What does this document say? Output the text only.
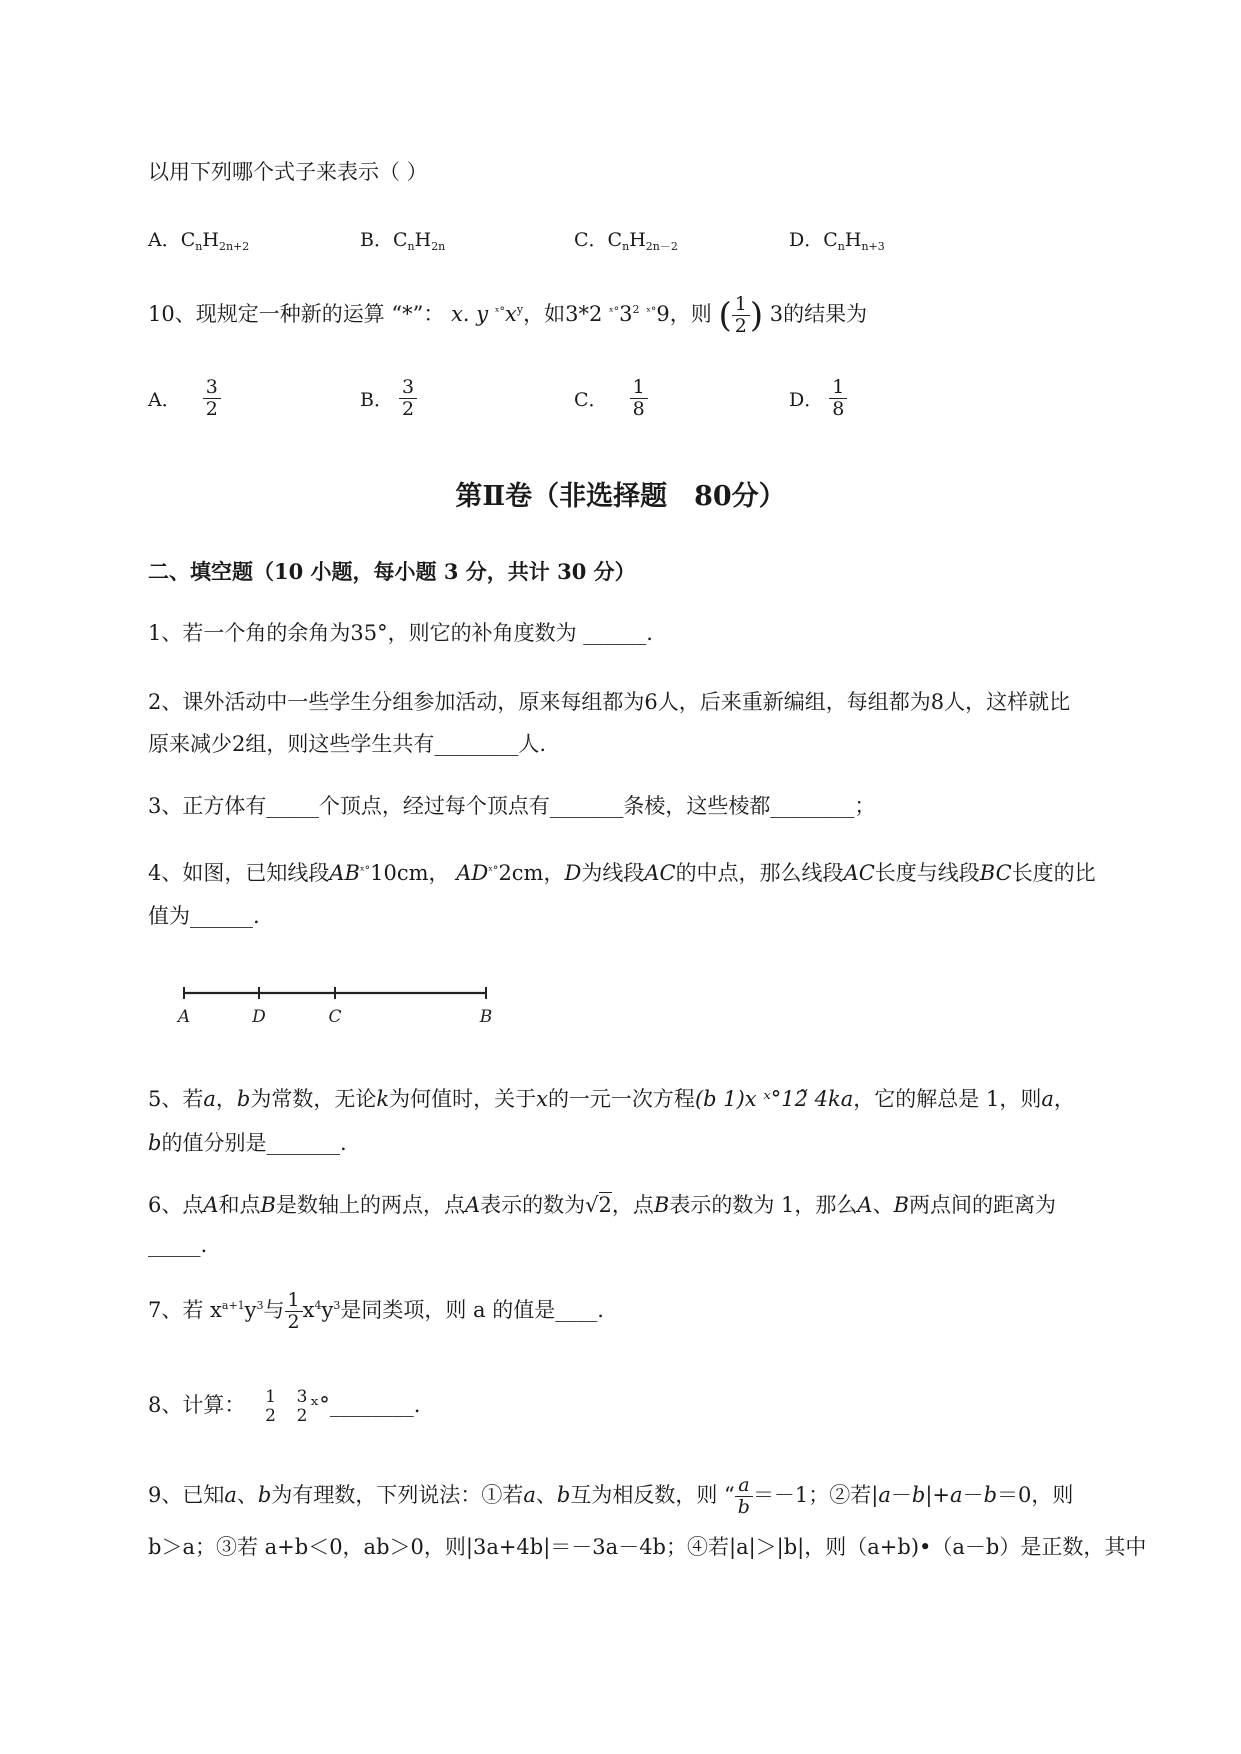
以用下列哪个式子来表示（ ）
A．$C_nH_{2n+2}$	B．$C_nH_{2n}$	C．$C_nH_{2n-2}$	D．$C_nH_{n+3}$
10、现规定一种新的运算 “*”： x. y $^{ˣ^\circ}x^y$，如3*2 $^{ˣ^\circ}3^2$ $^{ˣ^\circ}$9，则 ( $\frac{1}{2}$ ) 3的结果为
A． $\frac{3}{2}$	B． $\frac{3}{2}$	C． $\frac{1}{8}$	D． $\frac{1}{8}$
第Ⅱ卷（非选择题　80分）
二、填空题（10 小题，每小题 3 分，共计 30 分）
1、若一个角的余角为35°，则它的补角度数为 ______.
2、课外活动中一些学生分组参加活动，原来每组都为6人，后来重新编组，每组都为8人，这样就比
原来减少2组，则这些学生共有________人.
3、正方体有_____个顶点，经过每个顶点有_______条棱，这些棱都________；
4、如图，已知线段$AB^{ˣ^\circ}10cm$， $AD^{ˣ^\circ}2cm$，D为线段AC的中点，那么线段AC长度与线段BC长度的比
值为______.
A	D	C	B
5、若a，b为常数，无论k为何值时，关于x的一元一次方程(b 1)x ˣ°12̃ 4ka，它的解总是 1，则a，
b的值分别是_______.
6、点A和点B是数轴上的两点，点A表示的数为√2，点B表示的数为 1，那么A、B两点间的距离为
_____.
7、若 $x^{a+1}y^3$与 $\frac{1}{2} x^4y^3$是同类项，则 a 的值是____.
8、计算： 1
2

3
2 ˣ°________.
9、已知a、b为有理数，下列说法：①若a、b互为相反数，则 “ $\frac{a}{b} =-1$；②若|a－b|+a－b＝0，则
b＞a；③若 a+b＜0，ab＞0，则|3a+4b|＝－3a－4b；④若|a|＞|b|，则（a+b)•（a－b）是正数，其中
